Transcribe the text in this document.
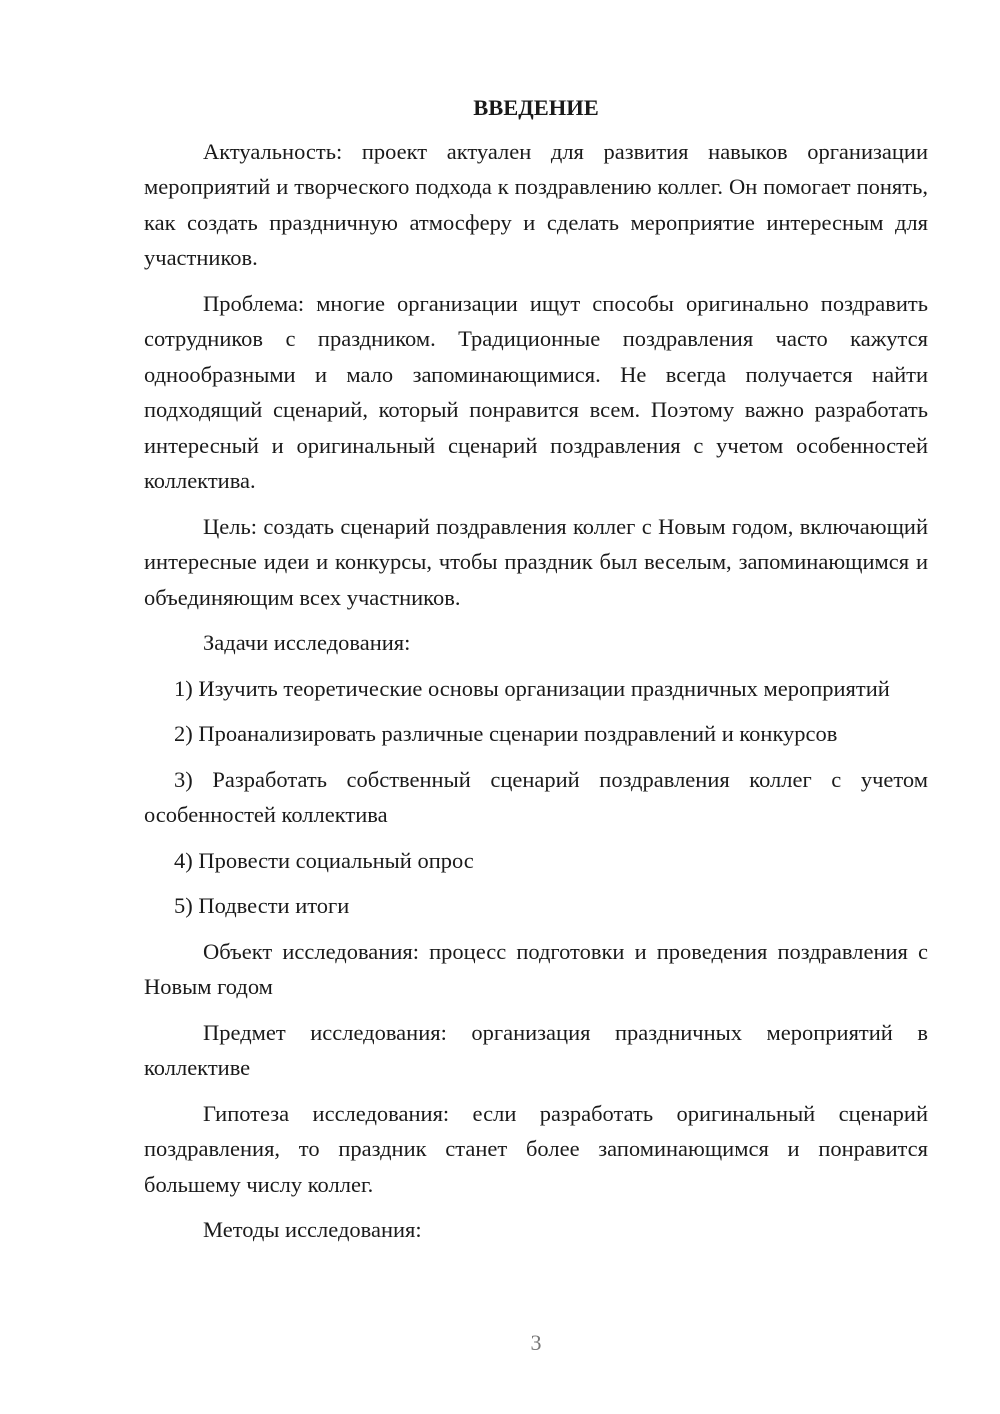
ВВЕДЕНИЕ

Актуальность: проект актуален для развития навыков организации мероприятий и творческого подхода к поздравлению коллег. Он помогает понять, как создать праздничную атмосферу и сделать мероприятие интересным для участников.

Проблема: многие организации ищут способы оригинально поздравить сотрудников с праздником. Традиционные поздравления часто кажутся однообразными и мало запоминающимися. Не всегда получается найти подходящий сценарий, который понравится всем. Поэтому важно разработать интересный и оригинальный сценарий поздравления с учетом особенностей коллектива.

Цель: создать сценарий поздравления коллег с Новым годом, включающий интересные идеи и конкурсы, чтобы праздник был веселым, запоминающимся и объединяющим всех участников.

Задачи исследования:

1) Изучить теоретические основы организации праздничных мероприятий

2) Проанализировать различные сценарии поздравлений и конкурсов

3) Разработать собственный сценарий поздравления коллег с учетом особенностей коллектива

4) Провести социальный опрос

5) Подвести итоги

Объект исследования: процесс подготовки и проведения поздравления с Новым годом

Предмет исследования: организация праздничных мероприятий в коллективе

Гипотеза исследования: если разработать оригинальный сценарий поздравления, то праздник станет более запоминающимся и понравится большему числу коллег.

Методы исследования:

3
